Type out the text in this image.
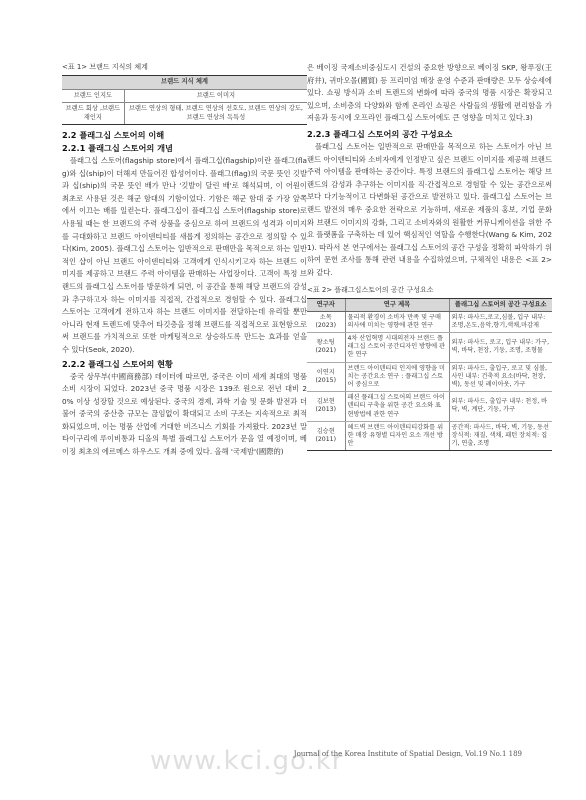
<표 1> 브랜드 지식의 체계
브랜드 지식 체계	
브랜드 인지도	브랜드 이미지
브랜드 회상 ,브랜드 재인지	브랜드 연상의 형태, 브랜드 연상의 선호도, 브랜드 연상의 강도, 브랜드 연상의 독특성
2.2 플래그십 스토어의 이해
2.2.1 플래그십 스토어의 개념

플래그십 스토어(flagship store)에서 플래그십(flagship)이란 플래그(flag)와 십(ship)이 더해져 만들어진 합성어이다. 플래그(flag)의 국문 뜻인 깃발과 십(ship)의 국문 뜻인 배가 만나 '깃발이 달린 배'로 해석되며, 이 어원이 최초로 사용된 것은 해군 함대의 기함이었다. 기함은 해군 함대 중 가장 앞쪽에서 이끄는 배를 일컫는다. 플래그십이 플래그십 스토어(flagship store)로 사용될 때는 한 브랜드의 주력 상품을 중심으로 하여 브랜드의 성격과 이미지를 극대화하고 브랜드 아이덴티티를 새롭게 정의하는 공간으로 정의할 수 있다(Kim, 2005). 플래그십 스토어는 일반적으로 판매만을 목적으로 하는 일반적인 샵이 아닌 브랜드 아이덴티티와 고객에게 인식시키고자 하는 브랜드 이미지를 제공하고 브랜드 주력 아이템을 판매하는 사업장이다. 고객이 특정 브랜드의 플래그십 스토어를 방문하게 되면, 이 공간을 통해 해당 브랜드의 감성과 추구하고자 하는 이미지를 직접적, 간접적으로 경험할 수 있다. 플래그십 스토어는 고객에게 전하고자 하는 브랜드 이미지를 전달하는데 유리할 뿐만 아니라 현재 트렌드에 맞추어 타깃층을 정해 브랜드를 직접적으로 표현함으로써 브랜드를 가치적으로 또한 마케팅적으로 상승하도록 만드는 효과를 얻을 수 있다(Seok, 2020).

2.2.2 플래그십 스토어의 현황

중국 상무부(中國商務部) 데이터에 따르면, 중국은 이미 세계 최대의 명품 소비 시장이 되었다. 2023년 중국 명품 시장은 139조 원으로 전년 대비 20% 이상 성장할 것으로 예상된다. 중국의 경제, 과학 기술 및 문화 발전과 더불어 중국의 중산층 규모는 끊임없이 확대되고 소비 구조는 지속적으로 최적화되었으며, 이는 명품 산업에 거대한 비즈니스 기회를 가져왔다. 2023년 말 타이구리에 루이비통과 디올의 특별 플래그십 스토어가 문을 열 예정이며, 베이징 최초의 에르메스 하우스도 개최 중에 있다. 올해 '국제밤'(國際的)

은 베이징 국제소비중심도시 건설의 중요한 방향으로 베이징 SKP, 왕푸징(王府井), 귀마오몰(國貿) 등 프리미엄 매장 운영 수준과 판매량은 모두 상승세에 있다. 쇼핑 방식과 소비 트렌드의 변화에 따라 중국의 명품 시장은 확장되고 있으며, 소비층의 다양화와 함께 온라인 쇼핑은 사람들의 생활에 편리함을 가져옴과 동시에 오프라인 플래그십 스토어에도 큰 영향을 미치고 있다.3)

2.2.3 플래그십 스토어의 공간 구성요소

플래그십 스토어는 일반적으로 판매만을 목적으로 하는 스토어가 아닌 브랜드 아이덴티티와 소비자에게 인정받고 싶은 브랜드 이미지를 제공해 브랜드 주력 아이템을 판매하는 공간이다. 특정 브랜드의 플래그십 스토어는 해당 브랜드의 감성과 추구하는 이미지를 직·간접적으로 경험할 수 있는 공간으로써 보다 다기능적이고 다변화된 공간으로 발전하고 있다. 플래그십 스토어는 브랜드 발전의 매우 중요한 전략으로 기능하며, 새로운 제품의 홍보, 기업 문화와 브랜드 이미지의 강화, 그리고 소비자와의 원활한 커뮤니케이션을 위한 주요 플랫폼을 구축하는 데 있어 핵심적인 역할을 수행한다(Wang & Kim, 2021). 따라서 본 연구에서는 플래그십 스토어의 공간 구성을 정확히 파악하기 위하여 문헌 조사를 통해 관련 내용을 수집하였으며, 구체적인 내용은 <표 2>와 같다.

<표 2> 플래그십스토어의 공간 구성요소
연구자	연구 제목	플래그십 스토어의 공간 구성요소
소목 (2023)	물리적 환경이 소비자 만족 및 구매의사에 미치는 영향에 관한 연구	외부: 파사드,로고,심볼, 입구 내부: 조명,온도,음악,향기,색채,마감재
왕소팅 (2021)	4차 산업혁명 시대의전자 브랜드 플래그십 스토어 공간디자인 방향에 관한 연구	외부: 파사드, 로고, 입구 내부: 가구, 벽, 바닥, 천장, 기둥, 조명, 조형물
이연지 (2015)	브랜드 아이덴티티 인지에 영향을 미치는 공간요소 연구 : 플래그십 스토어 중심으로	외부: 파사드, 출입구, 로고 및 심볼, 사인 내부: 건축적 요소(바닥, 천장, 벽), 동선 및 레이아웃, 가구
김보현 (2013)	패션 플래그십 스토어의 브랜드 아이덴티티 구축을 위한 공간 요소와 표현방법에 관한 연구	외부: 파사드, 출입구 내부: 천정, 바닥, 벽, 계단, 기둥, 가구
김승현 (2011)	헤드벽 브랜드 아이덴티티강화를 위한 매장 유형별 디자인 요소 개선 방안	공간적: 파사드, 바닥, 벽, 기둥, 동선 장식적: 재질, 색채, 패턴 장치적: 집기, 연출, 조명
www.kci.go.kr
Journal of the Korea Institute of Spatial Design, Vol.19 No.1 189
